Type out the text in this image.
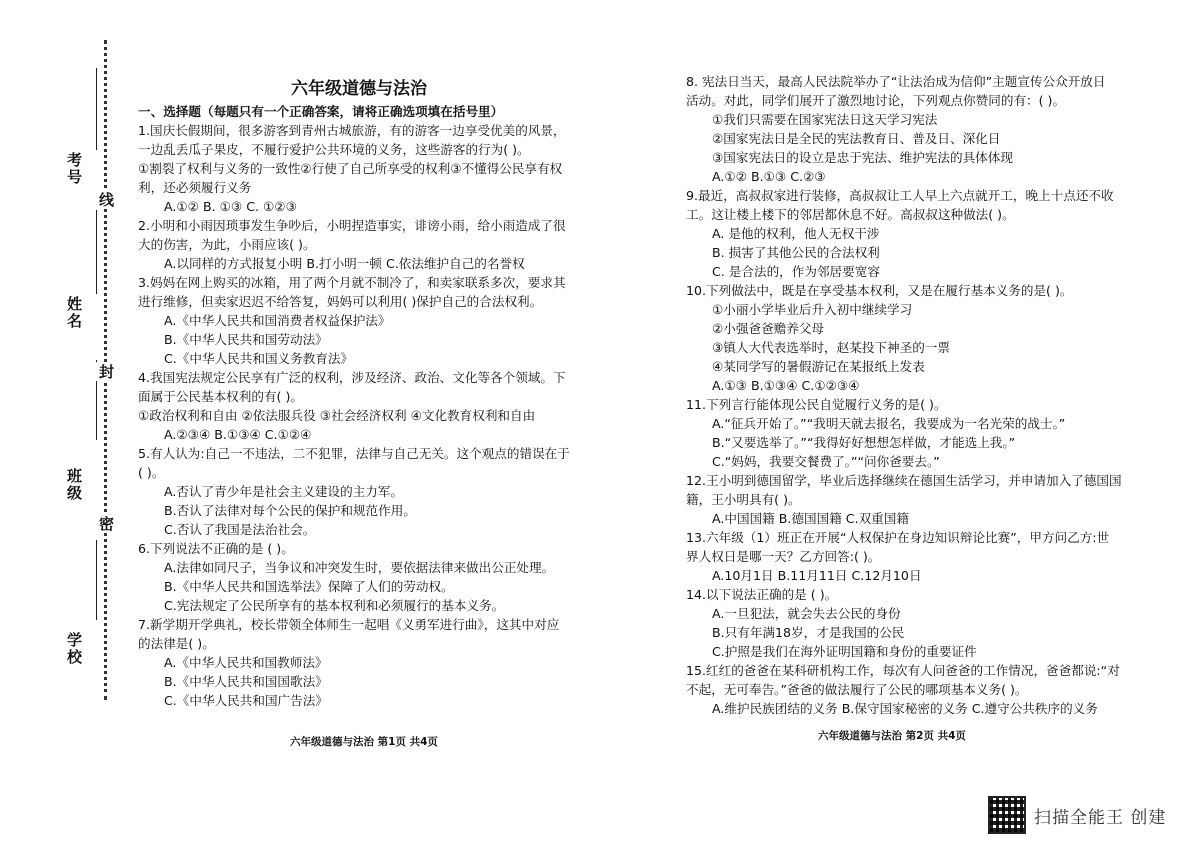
考号
姓名
班级
学校
线
封
密
六年级道德与法治
一、选择题（每题只有一个正确答案，请将正确选项填在括号里）
1.国庆长假期间，很多游客到青州古城旅游，有的游客一边享受优美的风景，
一边乱丢瓜子果皮，不履行爱护公共环境的义务，这些游客的行为( )。
①割裂了权利与义务的一致性②行使了自己所享受的权利③不懂得公民享有权
利，还必须履行义务
A.①② B. ①③ C. ①②③
2.小明和小雨因琐事发生争吵后，小明捏造事实，诽谤小雨，给小雨造成了很
大的伤害，为此，小雨应该( )。
A.以同样的方式报复小明 B.打小明一顿 C.依法维护自己的名誉权
3.妈妈在网上购买的冰箱，用了两个月就不制冷了，和卖家联系多次，要求其
进行维修，但卖家迟迟不给答复，妈妈可以利用( )保护自己的合法权利。
A.《中华人民共和国消费者权益保护法》
B.《中华人民共和国劳动法》
C.《中华人民共和国义务教育法》
4.我国宪法规定公民享有广泛的权利，涉及经济、政治、文化等各个领域。下
面属于公民基本权利的有( )。
①政治权利和自由 ②依法服兵役 ③社会经济权利 ④文化教育权利和自由
A.②③④ B.①③④ C.①②④
5.有人认为:自己一不违法，二不犯罪，法律与自己无关。这个观点的错误在于
( )。
A.否认了青少年是社会主义建设的主力军。
B.否认了法律对每个公民的保护和规范作用。
C.否认了我国是法治社会。
6.下列说法不正确的是 ( )。
A.法律如同尺子，当争议和冲突发生时，要依据法律来做出公正处理。
B.《中华人民共和国选举法》保障了人们的劳动权。
C.宪法规定了公民所享有的基本权利和必须履行的基本义务。
7.新学期开学典礼，校长带领全体师生一起唱《义勇军进行曲》，这其中对应
的法律是( )。
A.《中华人民共和国教师法》
B.《中华人民共和国国歌法》
C.《中华人民共和国广告法》
8. 宪法日当天，最高人民法院举办了“让法治成为信仰”主题宣传公众开放日
活动。对此，同学们展开了激烈地讨论，下列观点你赞同的有：( )。
①我们只需要在国家宪法日这天学习宪法
②国家宪法日是全民的宪法教育日、普及日、深化日
③国家宪法日的设立是忠于宪法、维护宪法的具体体现
A.①② B.①③ C.②③
9.最近，高叔叔家进行装修，高叔叔让工人早上六点就开工，晚上十点还不收
工。这让楼上楼下的邻居都休息不好。高叔叔这种做法( )。
A. 是他的权利，他人无权干涉
B. 损害了其他公民的合法权利
C. 是合法的，作为邻居要宽容
10.下列做法中，既是在享受基本权利，又是在履行基本义务的是( )。
①小丽小学毕业后升入初中继续学习
②小强爸爸赡养父母
③镇人大代表选举时，赵某投下神圣的一票
④某同学写的暑假游记在某报纸上发表
A.①③ B.①③④ C.①②③④
11.下列言行能体现公民自觉履行义务的是( )。
A.“征兵开始了。”“我明天就去报名，我要成为一名光荣的战士。”
B.“又要选举了。”“我得好好想想怎样做，才能选上我。”
C.“妈妈，我要交餐费了。”“问你爸要去。”
12.王小明到德国留学，毕业后选择继续在德国生活学习，并申请加入了德国国
籍，王小明具有( )。
A.中国国籍 B.德国国籍 C.双重国籍
13.六年级（1）班正在开展“人权保护在身边知识辩论比赛”，甲方问乙方:世
界人权日是哪一天？乙方回答:( )。
A.10月1日 B.11月11日 C.12月10日
14.以下说法正确的是 ( )。
A.一旦犯法，就会失去公民的身份
B.只有年满18岁，才是我国的公民
C.护照是我们在海外证明国籍和身份的重要证件
15.红红的爸爸在某科研机构工作，每次有人问爸爸的工作情况，爸爸都说:“对
不起，无可奉告。”爸爸的做法履行了公民的哪项基本义务( )。
A.维护民族团结的义务 B.保守国家秘密的义务 C.遵守公共秩序的义务
六年级道德与法治 第1页 共4页	六年级道德与法治 第2页 共4页
扫描全能王 创建
